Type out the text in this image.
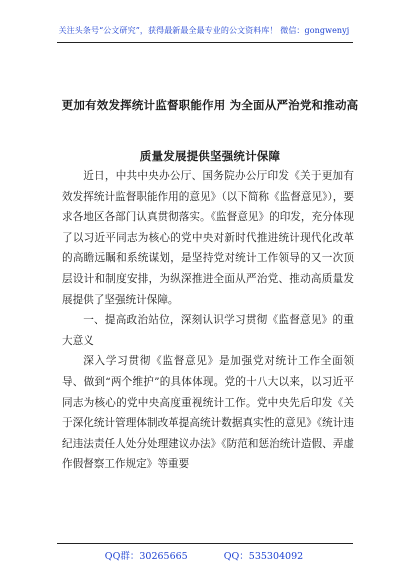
关注头条号“公文研究”，获得最新最全最专业的公文资料库！ 微信：gongwenyj
更加有效发挥统计监督职能作用 为全面从严治党和推动高
质量发展提供坚强统计保障

近日，中共中央办公厅、国务院办公厅印发《关于更加有效发挥统计监督职能作用的意见》（以下简称《监督意见》），要求各地区各部门认真贯彻落实。《监督意见》的印发，充分体现了以习近平同志为核心的党中央对新时代推进统计现代化改革的高瞻远瞩和系统谋划，是坚持党对统计工作领导的又一次顶层设计和制度安排，为纵深推进全面从严治党、推动高质量发展提供了坚强统计保障。

一、提高政治站位，深刻认识学习贯彻《监督意见》的重大意义

深入学习贯彻《监督意见》是加强党对统计工作全面领导、做到“两个维护”的具体体现。党的十八大以来，以习近平同志为核心的党中央高度重视统计工作。党中央先后印发《关于深化统计管理体制改革提高统计数据真实性的意见》《统计违纪违法责任人处分处理建议办法》《防范和惩治统计造假、弄虚作假督察工作规定》等重要

QQ群：30265665	QQ：535304092
